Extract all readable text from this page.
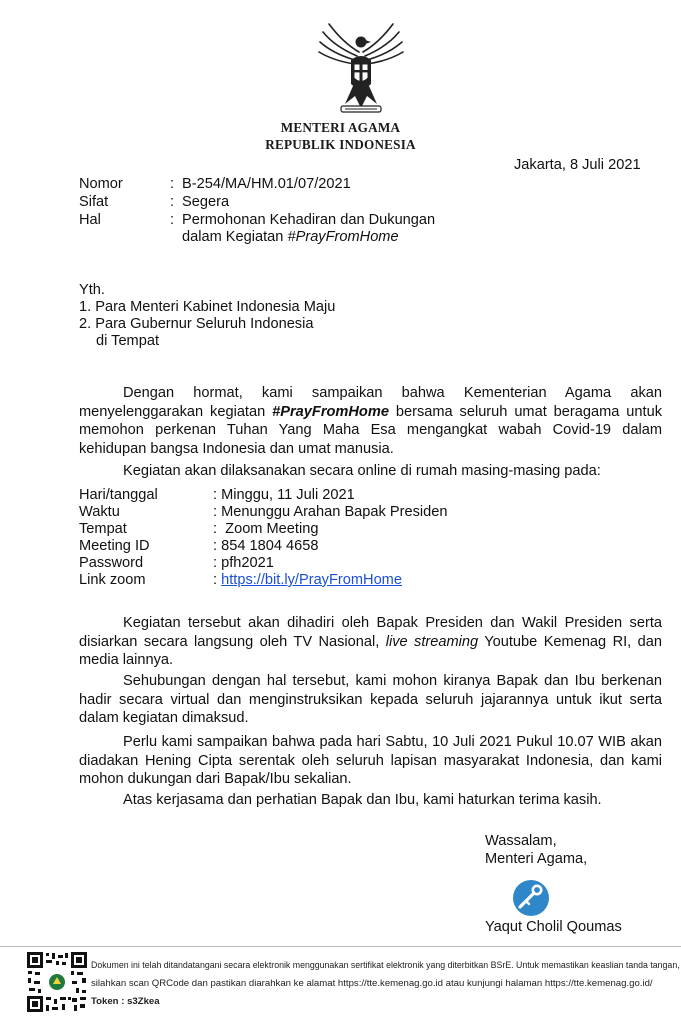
MENTERI AGAMA
REPUBLIK INDONESIA
Jakarta, 8 Juli 2021
Nomor	: B-254/MA/HM.01/07/2021
Sifat	: Segera
Hal	: Permohonan Kehadiran dan Dukungan
dalam Kegiatan #PrayFromHome
Yth.
1. Para Menteri Kabinet Indonesia Maju
2. Para Gubernur Seluruh Indonesia
di Tempat
Dengan hormat, kami sampaikan bahwa Kementerian Agama akan
menyelenggarakan kegiatan #PrayFromHome bersama seluruh umat beragama untuk
memohon perkenan Tuhan Yang Maha Esa mengangkat wabah Covid-19 dalam
kehidupan bangsa Indonesia dan umat manusia.
Kegiatan akan dilaksanakan secara online di rumah masing-masing pada:
Hari/tanggal	: Minggu, 11 Juli 2021
Waktu	: Menunggu Arahan Bapak Presiden
Tempat	:  Zoom Meeting
Meeting ID	: 854 1804 4658
Password	: pfh2021
Link zoom	: https://bit.ly/PrayFromHome
Kegiatan tersebut akan dihadiri oleh Bapak Presiden dan Wakil Presiden serta
disiarkan secara langsung oleh TV Nasional, live streaming Youtube Kemenag RI, dan
media lainnya.
Sehubungan dengan hal tersebut, kami mohon kiranya Bapak dan Ibu berkenan
hadir secara virtual dan menginstruksikan kepada seluruh jajarannya untuk ikut serta
dalam kegiatan dimaksud.
Perlu kami sampaikan bahwa pada hari Sabtu, 10 Juli 2021 Pukul 10.07 WIB akan
diadakan Hening Cipta serentak oleh seluruh lapisan masyarakat Indonesia, dan kami
mohon dukungan dari Bapak/Ibu sekalian.
Atas kerjasama dan perhatian Bapak dan Ibu, kami haturkan terima kasih.
Wassalam,
Menteri Agama,
Yaqut Cholil Qoumas
Dokumen ini telah ditandatangani secara elektronik menggunakan sertifikat elektronik yang diterbitkan BSrE. Untuk memastikan keaslian tanda tangan,
silahkan scan QRCode dan pastikan diarahkan ke alamat https://tte.kemenag.go.id atau kunjungi halaman https://tte.kemenag.go.id/
Token : s3Zkea
